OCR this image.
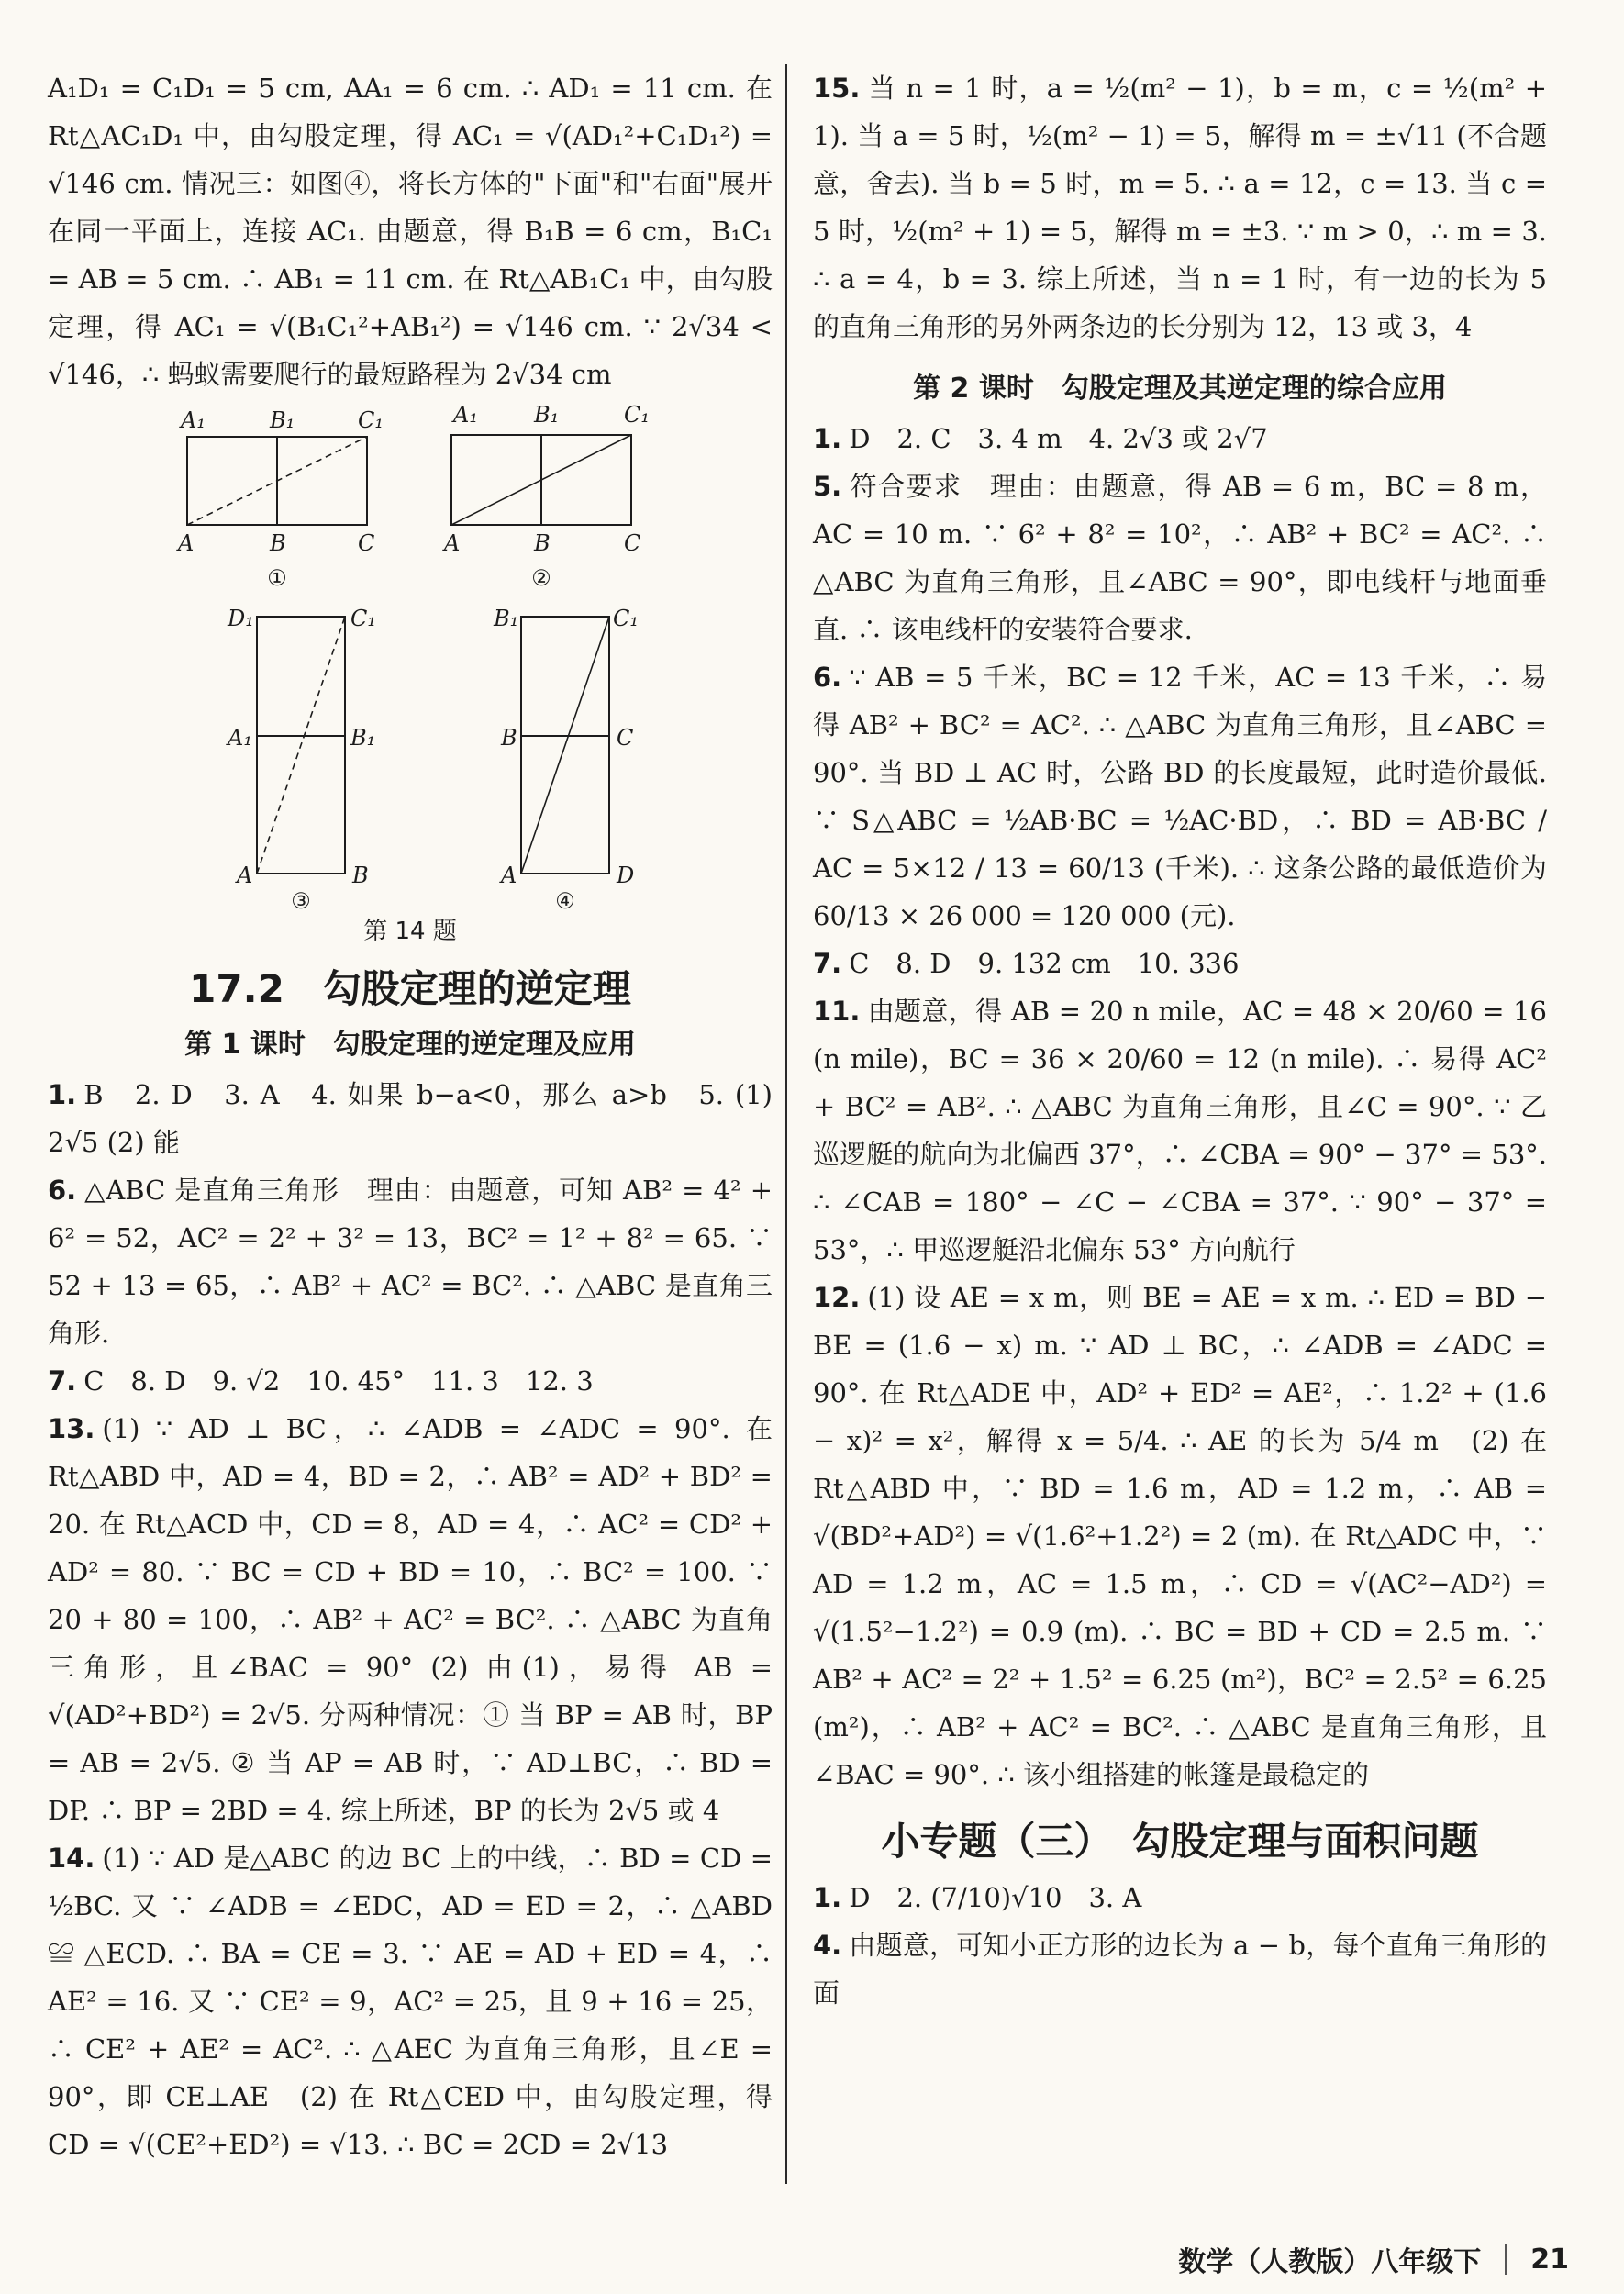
A₁D₁ = C₁D₁ = 5 cm, AA₁ = 6 cm. ∴ AD₁ = 11 cm. 在 Rt△AC₁D₁ 中，由勾股定理，得 AC₁ = √(AD₁²+C₁D₁²) = √146 cm. 情况三：如图④，将长方体的"下面"和"右面"展开在同一平面上，连接 AC₁. 由题意，得 B₁B = 6 cm，B₁C₁ = AB = 5 cm. ∴ AB₁ = 11 cm. 在 Rt△AB₁C₁ 中，由勾股定理，得 AC₁ = √(B₁C₁²+AB₁²) = √146 cm. ∵ 2√34 < √146，∴ 蚂蚁需要爬行的最短路程为 2√34 cm

A₁	B₁	C₁
A	B	C
①
A₁	B₁	C₁
A	B	C
②
D₁	C₁
A₁	B₁
A	B
B₁	C₁
B	C
A	D
③	④
第 14 题
17.2　勾股定理的逆定理
第 1 课时　勾股定理的逆定理及应用

1. B　2. D　3. A　4. 如果 b−a<0，那么 a>b　5. (1) 2√5 (2) 能

6. △ABC 是直角三角形　理由：由题意，可知 AB² = 4² + 6² = 52，AC² = 2² + 3² = 13，BC² = 1² + 8² = 65. ∵ 52 + 13 = 65，∴ AB² + AC² = BC². ∴ △ABC 是直角三角形.

7. C　8. D　9. √2　10. 45°　11. 3　12. 3

13. (1) ∵ AD ⊥ BC，∴ ∠ADB = ∠ADC = 90°. 在 Rt△ABD 中，AD = 4，BD = 2，∴ AB² = AD² + BD² = 20. 在 Rt△ACD 中，CD = 8，AD = 4，∴ AC² = CD² + AD² = 80. ∵ BC = CD + BD = 10，∴ BC² = 100. ∵ 20 + 80 = 100，∴ AB² + AC² = BC². ∴ △ABC 为直角三角形，且∠BAC = 90° (2) 由(1)，易得 AB = √(AD²+BD²) = 2√5. 分两种情况：① 当 BP = AB 时，BP = AB = 2√5. ② 当 AP = AB 时，∵ AD⊥BC，∴ BD = DP. ∴ BP = 2BD = 4. 综上所述，BP 的长为 2√5 或 4

14. (1) ∵ AD 是△ABC 的边 BC 上的中线，∴ BD = CD = ½BC. 又 ∵ ∠ADB = ∠EDC，AD = ED = 2，∴ △ABD ≌ △ECD. ∴ BA = CE = 3. ∵ AE = AD + ED = 4，∴ AE² = 16. 又 ∵ CE² = 9，AC² = 25，且 9 + 16 = 25，∴ CE² + AE² = AC². ∴ △AEC 为直角三角形，且∠E = 90°，即 CE⊥AE　(2) 在 Rt△CED 中，由勾股定理，得 CD = √(CE²+ED²) = √13. ∴ BC = 2CD = 2√13

15. 当 n = 1 时，a = ½(m² − 1)，b = m，c = ½(m² + 1). 当 a = 5 时，½(m² − 1) = 5，解得 m = ±√11 (不合题意，舍去). 当 b = 5 时，m = 5. ∴ a = 12，c = 13. 当 c = 5 时，½(m² + 1) = 5，解得 m = ±3. ∵ m > 0，∴ m = 3. ∴ a = 4，b = 3. 综上所述，当 n = 1 时，有一边的长为 5 的直角三角形的另外两条边的长分别为 12，13 或 3，4

第 2 课时　勾股定理及其逆定理的综合应用

1. D　2. C　3. 4 m　4. 2√3 或 2√7

5. 符合要求　理由：由题意，得 AB = 6 m，BC = 8 m，AC = 10 m. ∵ 6² + 8² = 10²，∴ AB² + BC² = AC². ∴ △ABC 为直角三角形，且∠ABC = 90°，即电线杆与地面垂直. ∴ 该电线杆的安装符合要求.

6. ∵ AB = 5 千米，BC = 12 千米，AC = 13 千米，∴ 易得 AB² + BC² = AC². ∴ △ABC 为直角三角形，且∠ABC = 90°. 当 BD ⊥ AC 时，公路 BD 的长度最短，此时造价最低. ∵ S△ABC = ½AB·BC = ½AC·BD，∴ BD = AB·BC / AC = 5×12 / 13 = 60/13 (千米). ∴ 这条公路的最低造价为 60/13 × 26 000 = 120 000 (元).

7. C　8. D　9. 132 cm　10. 336

11. 由题意，得 AB = 20 n mile，AC = 48 × 20/60 = 16 (n mile)，BC = 36 × 20/60 = 12 (n mile). ∴ 易得 AC² + BC² = AB². ∴ △ABC 为直角三角形，且∠C = 90°. ∵ 乙巡逻艇的航向为北偏西 37°，∴ ∠CBA = 90° − 37° = 53°. ∴ ∠CAB = 180° − ∠C − ∠CBA = 37°. ∵ 90° − 37° = 53°，∴ 甲巡逻艇沿北偏东 53° 方向航行

12. (1) 设 AE = x m，则 BE = AE = x m. ∴ ED = BD − BE = (1.6 − x) m. ∵ AD ⊥ BC，∴ ∠ADB = ∠ADC = 90°. 在 Rt△ADE 中，AD² + ED² = AE²，∴ 1.2² + (1.6 − x)² = x²，解得 x = 5/4. ∴ AE 的长为 5/4 m　(2) 在 Rt△ABD 中，∵ BD = 1.6 m，AD = 1.2 m，∴ AB = √(BD²+AD²) = √(1.6²+1.2²) = 2 (m). 在 Rt△ADC 中，∵ AD = 1.2 m，AC = 1.5 m，∴ CD = √(AC²−AD²) = √(1.5²−1.2²) = 0.9 (m). ∴ BC = BD + CD = 2.5 m. ∵ AB² + AC² = 2² + 1.5² = 6.25 (m²)，BC² = 2.5² = 6.25 (m²)，∴ AB² + AC² = BC². ∴ △ABC 是直角三角形，且∠BAC = 90°. ∴ 该小组搭建的帐篷是最稳定的

小专题（三）　勾股定理与面积问题

1. D　2. (7/10)√10　3. A

4. 由题意，可知小正方形的边长为 a − b，每个直角三角形的面

数学（人教版）八年级下 21
